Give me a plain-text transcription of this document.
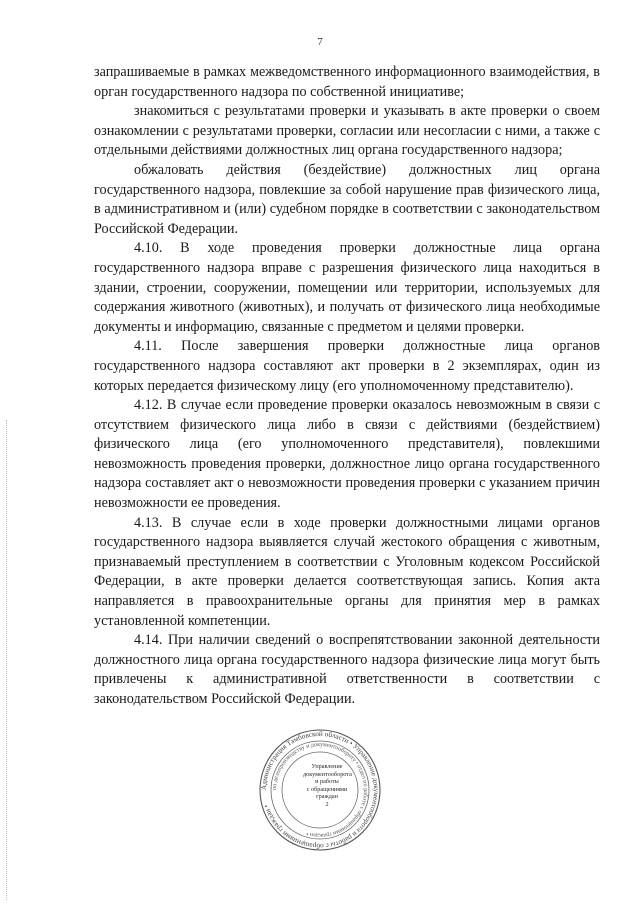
7

запрашиваемые в рамках межведомственного информационного взаимодействия, в орган государственного надзора по собственной инициативе;

знакомиться с результатами проверки и указывать в акте проверки о своем ознакомлении с результатами проверки, согласии или несогласии с ними, а также с отдельными действиями должностных лиц органа государственного надзора;

обжаловать действия (бездействие) должностных лиц органа государственного надзора, повлекшие за собой нарушение прав физического лица, в административном и (или) судебном порядке в соответствии с законодательством Российской Федерации.

4.10. В ходе проведения проверки должностные лица органа государственного надзора вправе с разрешения физического лица находиться в здании, строении, сооружении, помещении или территории, используемых для содержания животного (животных), и получать от физического лица необходимые документы и информацию, связанные с предметом и целями проверки.

4.11. После завершения проверки должностные лица органов государственного надзора составляют акт проверки в 2 экземплярах, один из которых передается физическому лицу (его уполномоченному представителю).

4.12. В случае если проведение проверки оказалось невозможным в связи с отсутствием физического лица либо в связи с действиями (бездействием) физического лица (его уполномоченного представителя), повлекшими невозможность проведения проверки, должностное лицо органа государственного надзора составляет акт о невозможности проведения проверки с указанием причин невозможности ее проведения.

4.13. В случае если в ходе проверки должностными лицами органов государственного надзора выявляется случай жестокого обращения с животным, признаваемый преступлением в соответствии с Уголовным кодексом Российской Федерации, в акте проверки делается соответствующая запись. Копия акта направляется в правоохранительные органы для принятия мер в рамках установленной компетенции.

4.14. При наличии сведений о воспрепятствовании законной деятельности должностного лица органа государственного надзора физические лица могут быть привлечены к административной ответственности в соответствии с законодательством Российской Федерации.

Администрация Тамбовской области • Управление документооборота и работы с обращениями граждан •
по делопроизводству и документообороту • отдел по работе с обращениями граждан •
Управление
документооборота
и работы
с обращениями
граждан
2
